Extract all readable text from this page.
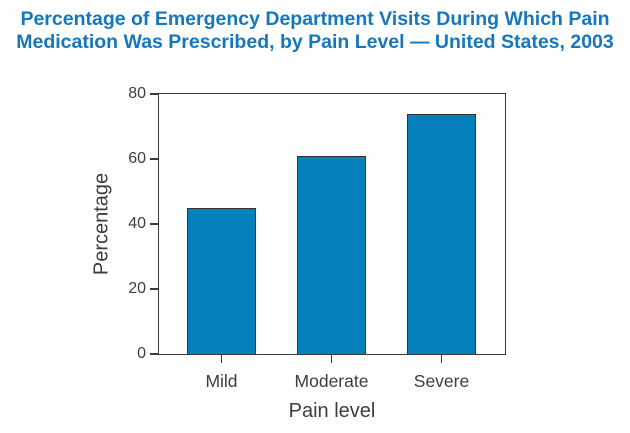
Percentage of Emergency Department Visits During Which Pain
Medication Was Prescribed, by Pain Level — United States, 2003
Percentage
Mild	Moderate	Severe
0
20
40
60
80
Pain level
